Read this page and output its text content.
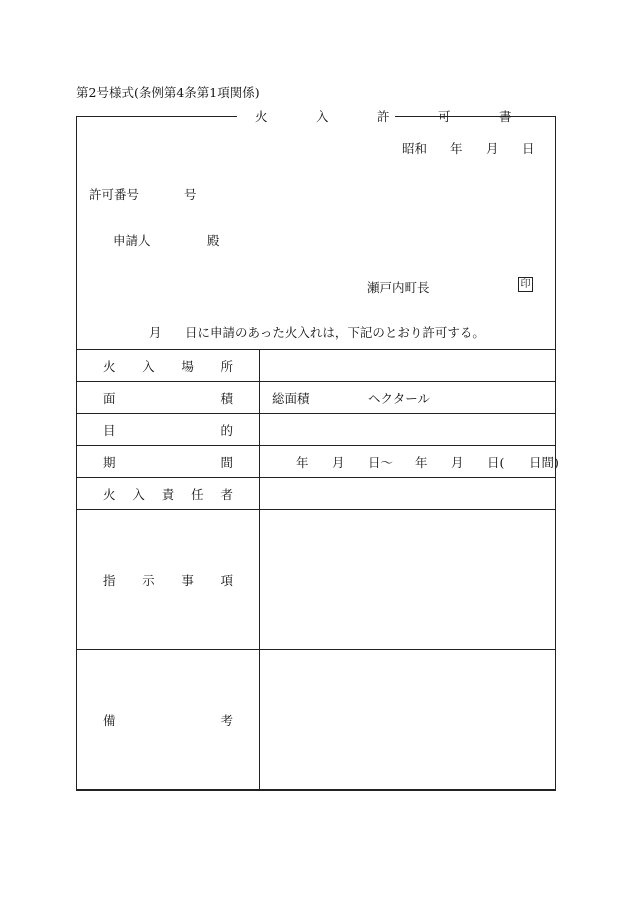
第2号様式(条例第4条第1項関係)
火　入　許　可　書
昭和 年 月 日
許可番号	号
申請人	殿
瀬戸内町長	印
月 日に申請のあった火入れは，下記のとおり許可する。
火 入 場 所	

面 積	総面積 ヘクタール

目 的	

期 間	年 月 日〜 年 月 日( 日間)

火 入 責 任 者	

指 示 事 項	

備 考	
